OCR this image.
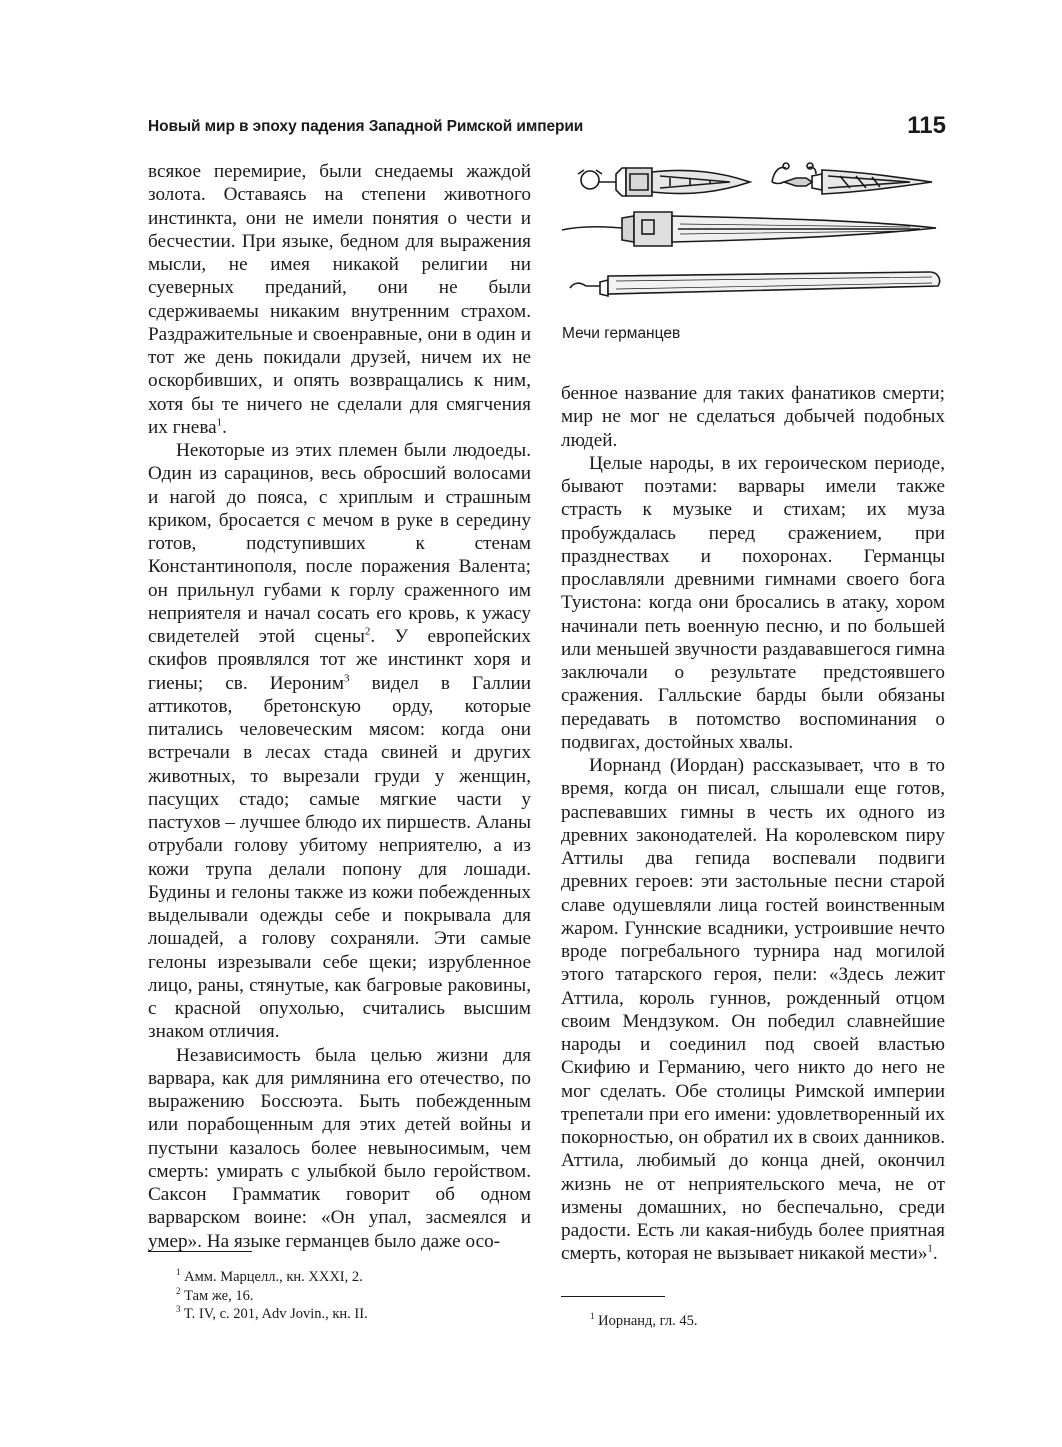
Новый мир в эпоху падения Западной Римской империи	115

всякое перемирие, были снедаемы жаждой золота. Оставаясь на степени животного инстинкта, они не имели понятия о чести и бесчестии. При языке, бедном для выражения мысли, не имея никакой религии ни суеверных преданий, они не были сдерживаемы никаким внутренним страхом. Раздражительные и своенравные, они в один и тот же день покидали друзей, ничем их не оскорбивших, и опять возвращались к ним, хотя бы те ничего не сделали для смягчения их гнева$^1$.

Некоторые из этих племен были людоеды. Один из сарацинов, весь обросший волосами и нагой до пояса, с хриплым и страшным криком, бросается с мечом в руке в середину готов, подступивших к стенам Константинополя, после поражения Валента; он прильнул губами к горлу сраженного им неприятеля и начал сосать его кровь, к ужасу свидетелей этой сцены$^2$. У европейских скифов проявлялся тот же инстинкт хоря и гиены; св. Иероним$^3$ видел в Галлии аттикотов, бретонскую орду, которые питались человеческим мясом: когда они встречали в лесах стада свиней и других животных, то вырезали груди у женщин, пасущих стадо; самые мягкие части у пастухов – лучшее блюдо их пиршеств. Аланы отрубали голову убитому неприятелю, а из кожи трупа делали попону для лошади. Будины и гелоны также из кожи побежденных выделывали одежды себе и покрывала для лошадей, а голову сохраняли. Эти самые гелоны изрезывали себе щеки; изрубленное лицо, раны, стянутые, как багровые раковины, с красной опухолью, считались высшим знаком отличия.

Независимость была целью жизни для варвара, как для римлянина его отечество, по выражению Боссюэта. Быть побежденным или порабощенным для этих детей войны и пустыни казалось более невыносимым, чем смерть: умирать с улыбкой было геройством. Саксон Грамматик говорит об одном варварском воине: «Он упал, засмеялся и умер». На языке германцев было даже осо-

Мечи германцев

бенное название для таких фанатиков смерти; мир не мог не сделаться добычей подобных людей.

Целые народы, в их героическом периоде, бывают поэтами: варвары имели также страсть к музыке и стихам; их муза пробуждалась перед сражением, при празднествах и похоронах. Германцы прославляли древними гимнами своего бога Туистона: когда они бросались в атаку, хором начинали петь военную песню, и по большей или меньшей звучности раздававшегося гимна заключали о результате предстоявшего сражения. Галльские барды были обязаны передавать в потомство воспоминания о подвигах, достойных хвалы.

Иорнанд (Иордан) рассказывает, что в то время, когда он писал, слышали еще готов, распевавших гимны в честь их одного из древних законодателей. На королевском пиру Аттилы два гепида воспевали подвиги древних героев: эти застольные песни старой славе одушевляли лица гостей воинственным жаром. Гуннские всадники, устроившие нечто вроде погребального турнира над могилой этого татарского героя, пели: «Здесь лежит Аттила, король гуннов, рожденный отцом своим Мендзуком. Он победил славнейшие народы и соединил под своей властью Скифию и Германию, чего никто до него не мог сделать. Обе столицы Римской империи трепетали при его имени: удовлетворенный их покорностью, он обратил их в своих данников. Аттила, любимый до конца дней, окончил жизнь не от неприятельского меча, не от измены домашних, но беспечально, среди радости. Есть ли какая-нибудь более приятная смерть, которая не вызывает никакой мести»$^1$.

$^1$ Амм. Марцелл., кн. XXXI, 2.
$^2$ Там же, 16.
$^3$ T. IV, c. 201, Adv Jovin., кн. II.	$^1$ Иорнанд, гл. 45.
